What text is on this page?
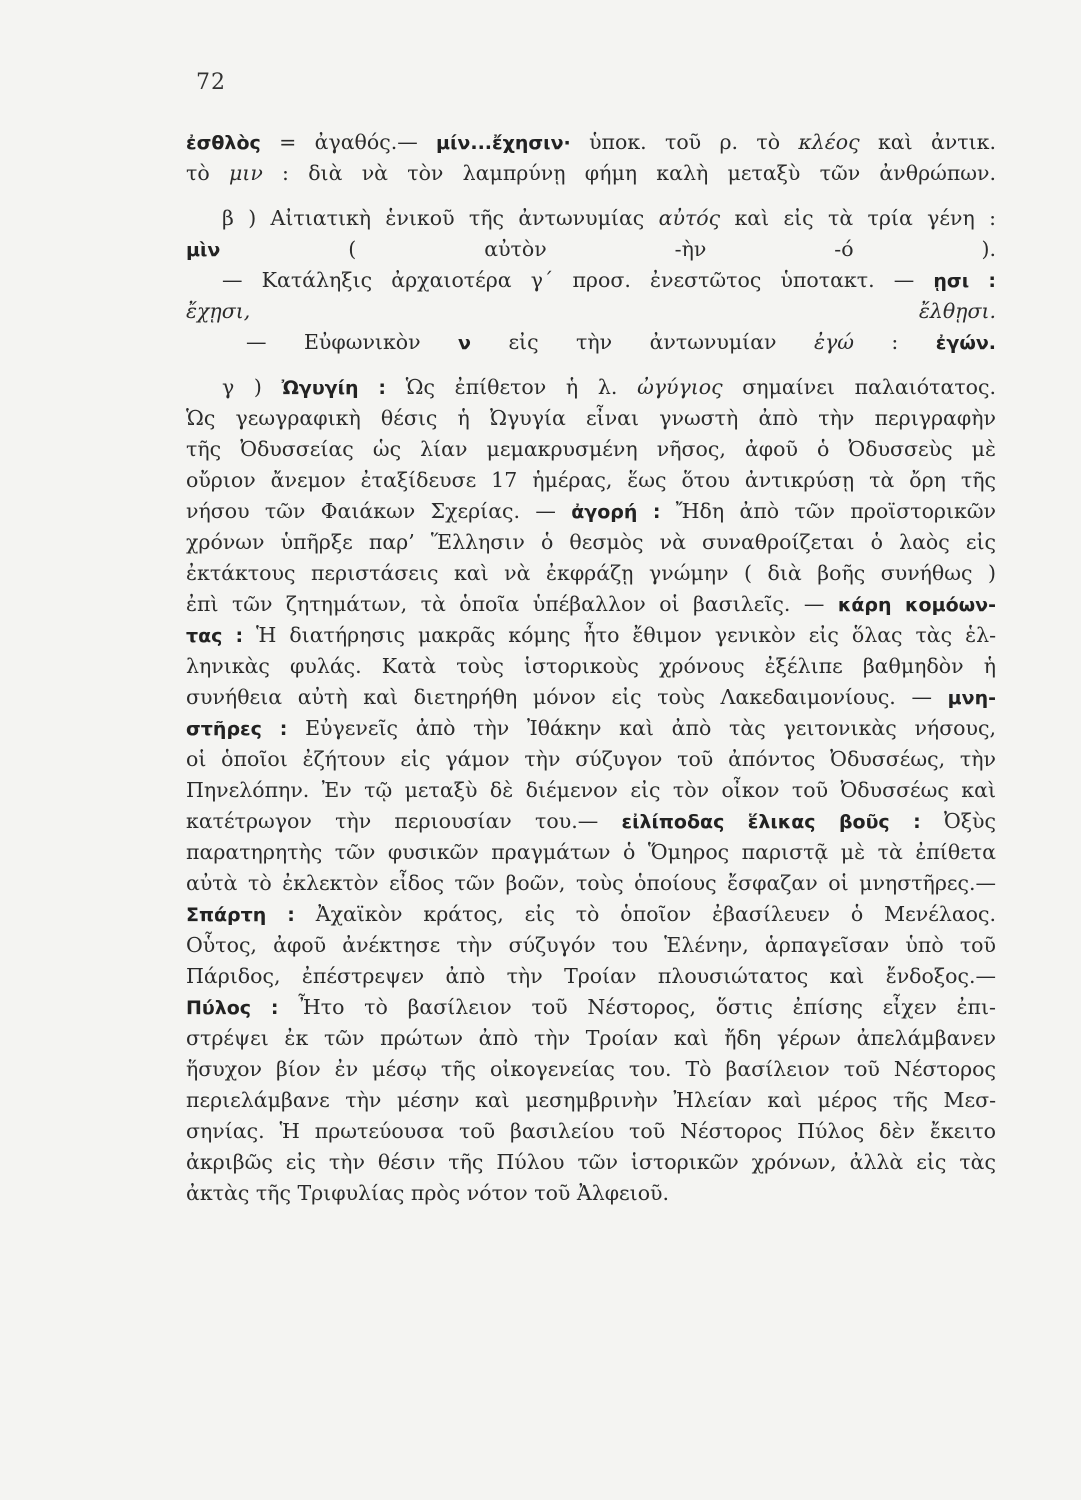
72
ἐσθλὸς = ἀγαθός.— μίν...ἔχησιν· ὑποκ. τοῦ ρ. τὸ κλέος καὶ ἀντικ.
τὸ μιν : διὰ νὰ τὸν λαμπρύνῃ φήμη καλὴ μεταξὺ τῶν ἀνθρώπων.
β ) Αἰτιατικὴ ἑνικοῦ τῆς ἀντωνυμίας αὐτός καὶ εἰς τὰ τρία γένη :
μὶν ( αὐτὸν -ὴν -ό ).
— Κατάληξις ἀρχαιοτέρα γ΄ προσ. ἐνεστῶτος ὑποτακτ. — ῃσι :
ἔχῃσι, ἔλθῃσι.
— Εὐφωνικὸν ν εἰς τὴν ἀντωνυμίαν ἐγώ : ἐγών.
γ ) Ὠγυγίη : Ὡς ἐπίθετον ἡ λ. ὠγύγιος σημαίνει παλαιότατος.
Ὡς γεωγραφικὴ θέσις ἡ Ὠγυγία εἶναι γνωστὴ ἀπὸ τὴν περιγραφὴν
τῆς Ὀδυσσείας ὡς λίαν μεμακρυσμένη νῆσος, ἀφοῦ ὁ Ὀδυσσεὺς μὲ
οὔριον ἄνεμον ἐταξίδευσε 17 ἡμέρας, ἕως ὅτου ἀντικρύσῃ τὰ ὄρη τῆς
νήσου τῶν Φαιάκων Σχερίας. — ἀγορή : Ἤδη ἀπὸ τῶν προϊστορικῶν
χρόνων ὑπῆρξε παρ’ Ἕλλησιν ὁ θεσμὸς νὰ συναθροίζεται ὁ λαὸς εἰς
ἐκτάκτους περιστάσεις καὶ νὰ ἐκφράζῃ γνώμην ( διὰ βοῆς συνήθως )
ἐπὶ τῶν ζητημάτων, τὰ ὁποῖα ὑπέβαλλον οἱ βασιλεῖς. — κάρη κομόων-
τας : Ἡ διατήρησις μακρᾶς κόμης ἦτο ἔθιμον γενικὸν εἰς ὅλας τὰς ἑλ-
ληνικὰς φυλάς. Κατὰ τοὺς ἱστορικοὺς χρόνους ἐξέλιπε βαθμηδὸν ἡ
συνήθεια αὐτὴ καὶ διετηρήθη μόνον εἰς τοὺς Λακεδαιμονίους. — μνη-
στῆρες : Εὐγενεῖς ἀπὸ τὴν Ἰθάκην καὶ ἀπὸ τὰς γειτονικὰς νήσους,
οἱ ὁποῖοι ἐζήτουν εἰς γάμον τὴν σύζυγον τοῦ ἀπόντος Ὀδυσσέως, τὴν
Πηνελόπην. Ἐν τῷ μεταξὺ δὲ διέμενον εἰς τὸν οἶκον τοῦ Ὀδυσσέως καὶ
κατέτρωγον τὴν περιουσίαν του.— εἰλίποδας ἕλικας βοῦς : Ὀξὺς
παρατηρητὴς τῶν φυσικῶν πραγμάτων ὁ Ὅμηρος παριστᾷ μὲ τὰ ἐπίθετα
αὐτὰ τὸ ἐκλεκτὸν εἶδος τῶν βοῶν, τοὺς ὁποίους ἔσφαζαν οἱ μνηστῆρες.—
Σπάρτη : Ἀχαϊκὸν κράτος, εἰς τὸ ὁποῖον ἐβασίλευεν ὁ Μενέλαος.
Οὗτος, ἀφοῦ ἀνέκτησε τὴν σύζυγόν του Ἑλένην, ἁρπαγεῖσαν ὑπὸ τοῦ
Πάριδος, ἐπέστρεψεν ἀπὸ τὴν Τροίαν πλουσιώτατος καὶ ἔνδοξος.—
Πύλος : Ἦτο τὸ βασίλειον τοῦ Νέστορος, ὅστις ἐπίσης εἶχεν ἐπι-
στρέψει ἐκ τῶν πρώτων ἀπὸ τὴν Τροίαν καὶ ἤδη γέρων ἀπελάμβανεν
ἥσυχον βίον ἐν μέσῳ τῆς οἰκογενείας του. Τὸ βασίλειον τοῦ Νέστορος
περιελάμβανε τὴν μέσην καὶ μεσημβρινὴν Ἠλείαν καὶ μέρος τῆς Μεσ-
σηνίας. Ἡ πρωτεύουσα τοῦ βασιλείου τοῦ Νέστορος Πύλος δὲν ἔκειτο
ἀκριβῶς εἰς τὴν θέσιν τῆς Πύλου τῶν ἱστορικῶν χρόνων, ἀλλὰ εἰς τὰς
ἀκτὰς τῆς Τριφυλίας πρὸς νότον τοῦ Ἀλφειοῦ.
